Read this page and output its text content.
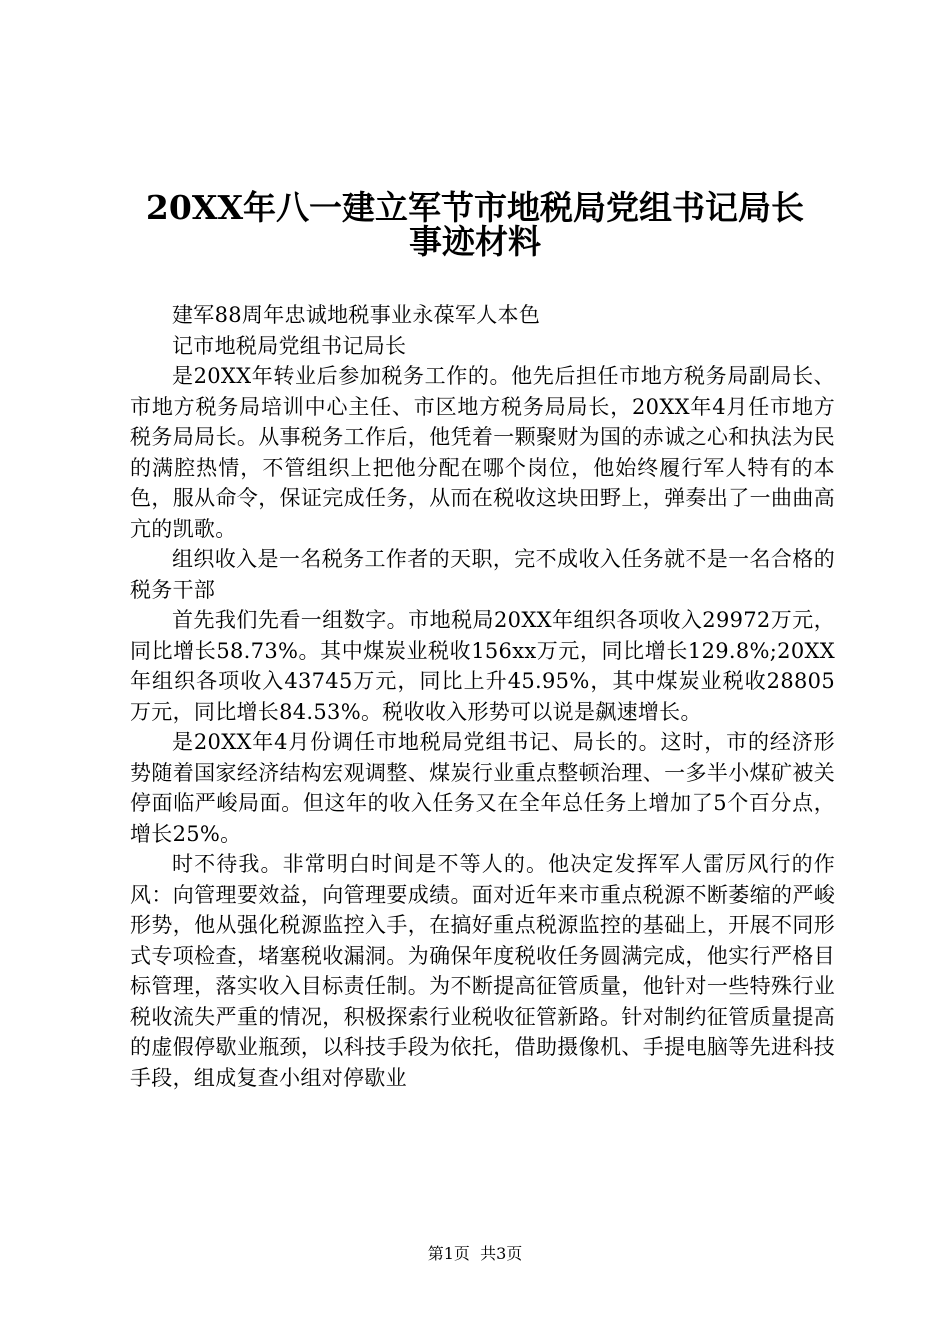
20XX年八一建立军节市地税局党组书记局长
事迹材料

建军88周年忠诚地税事业永葆军人本色

记市地税局党组书记局长

是20XX年转业后参加税务工作的。他先后担任市地方税务局副局长、市地方税务局培训中心主任、市区地方税务局局长，20XX年4月任市地方税务局局长。从事税务工作后，他凭着一颗聚财为国的赤诚之心和执法为民的满腔热情，不管组织上把他分配在哪个岗位，他始终履行军人特有的本色，服从命令，保证完成任务，从而在税收这块田野上，弹奏出了一曲曲高亢的凯歌。

组织收入是一名税务工作者的天职，完不成收入任务就不是一名合格的税务干部

首先我们先看一组数字。市地税局20XX年组织各项收入29972万元，同比增长58.73%。其中煤炭业税收156xx万元，同比增长129.8%;20XX年组织各项收入43745万元，同比上升45.95%，其中煤炭业税收28805万元，同比增长84.53%。税收收入形势可以说是飙速增长。

是20XX年4月份调任市地税局党组书记、局长的。这时，市的经济形势随着国家经济结构宏观调整、煤炭行业重点整顿治理、一多半小煤矿被关停面临严峻局面。但这年的收入任务又在全年总任务上增加了5个百分点，增长25%。

时不待我。非常明白时间是不等人的。他决定发挥军人雷厉风行的作风：向管理要效益，向管理要成绩。面对近年来市重点税源不断萎缩的严峻形势，他从强化税源监控入手，在搞好重点税源监控的基础上，开展不同形式专项检查，堵塞税收漏洞。为确保年度税收任务圆满完成，他实行严格目标管理，落实收入目标责任制。为不断提高征管质量，他针对一些特殊行业税收流失严重的情况，积极探索行业税收征管新路。针对制约征管质量提高的虚假停歇业瓶颈，以科技手段为依托，借助摄像机、手提电脑等先进科技手段，组成复查小组对停歇业

第1页  共3页
